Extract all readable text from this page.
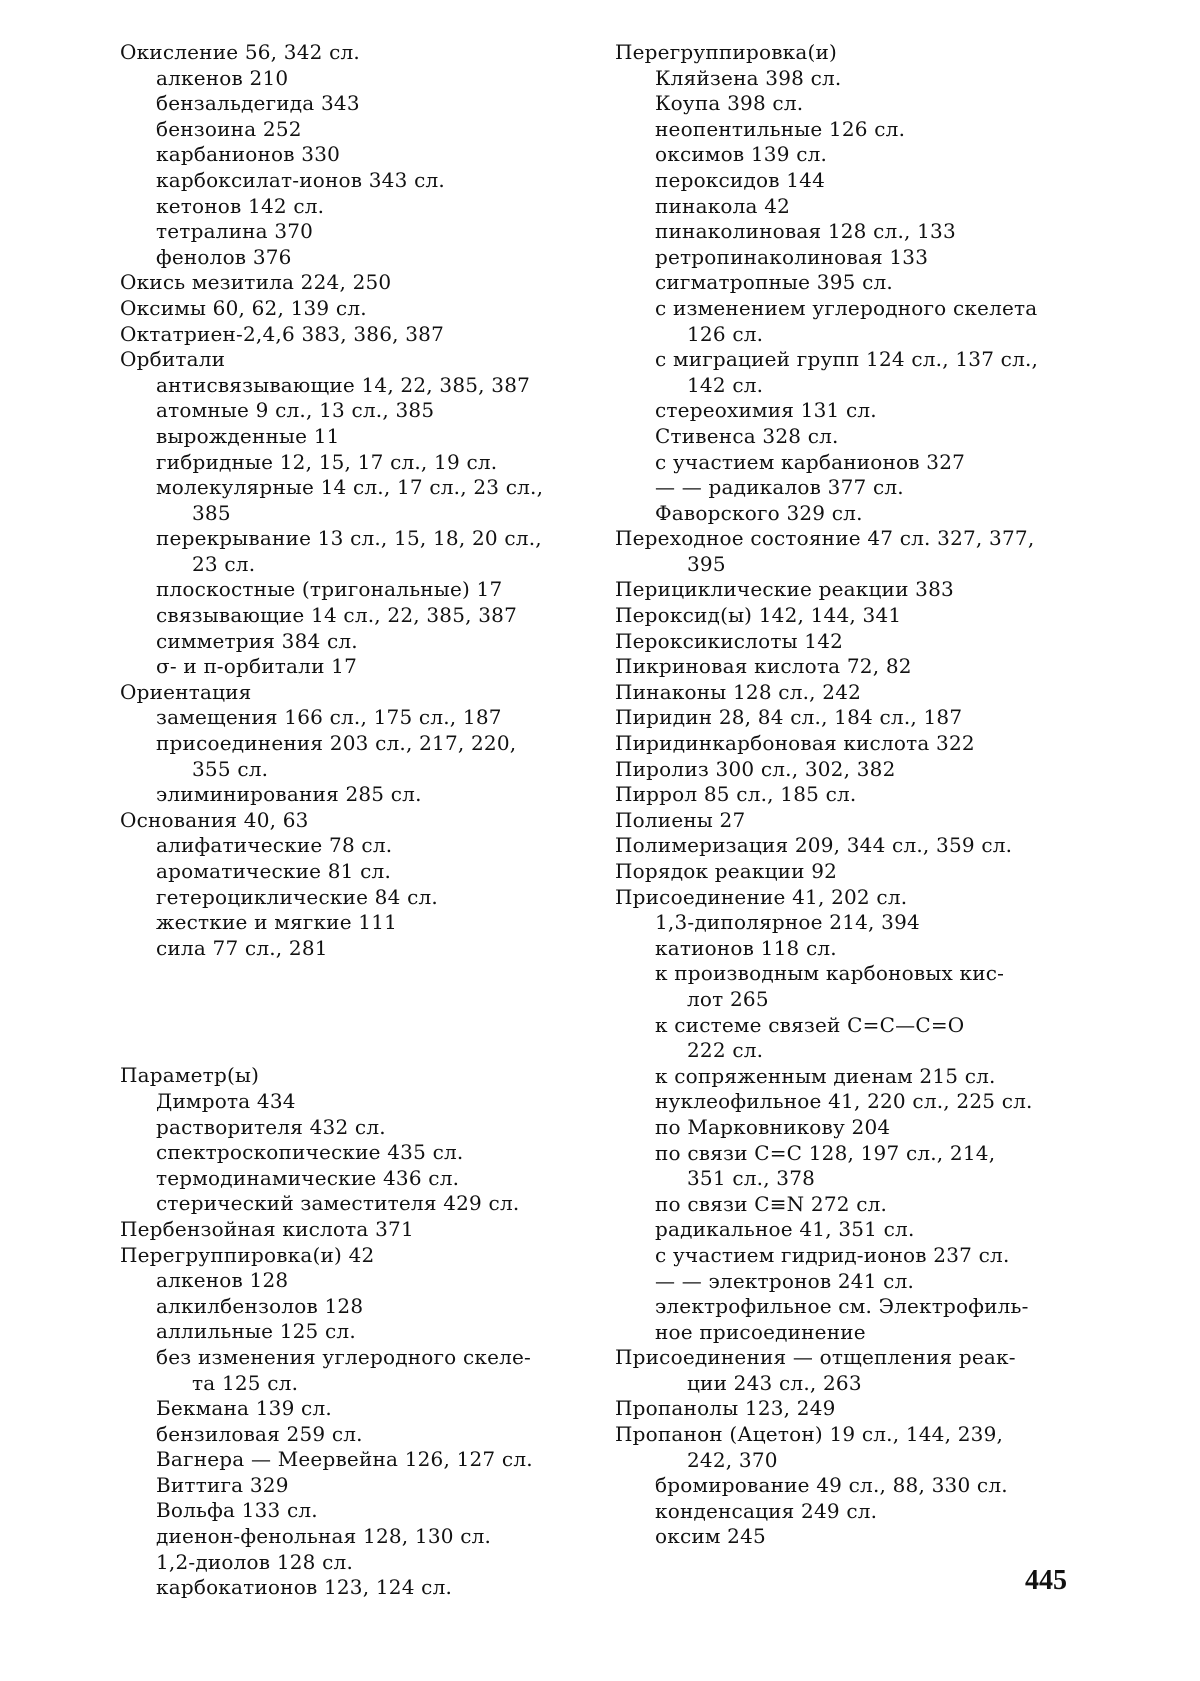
Окисление 56, 342 сл.
алкенов 210
бензальдегида 343
бензоина 252
карбанионов 330
карбоксилат-ионов 343 сл.
кетонов 142 сл.
тетралина 370
фенолов 376
Окись мезитила 224, 250
Оксимы 60, 62, 139 сл.
Октатриен-2,4,6 383, 386, 387
Орбитали
антисвязывающие 14, 22, 385, 387
атомные 9 сл., 13 сл., 385
вырожденные 11
гибридные 12, 15, 17 сл., 19 сл.
молекулярные 14 сл., 17 сл., 23 сл.,
385
перекрывание 13 сл., 15, 18, 20 сл.,
23 сл.
плоскостные (тригональные) 17
связывающие 14 сл., 22, 385, 387
симметрия 384 сл.
σ- и π-орбитали 17
Ориентация
замещения 166 сл., 175 сл., 187
присоединения 203 сл., 217, 220,
355 сл.
элиминирования 285 сл.
Основания 40, 63
алифатические 78 сл.
ароматические 81 сл.
гетероциклические 84 сл.
жесткие и мягкие 111
сила 77 сл., 281
Параметр(ы)
Димрота 434
растворителя 432 сл.
спектроскопические 435 сл.
термодинамические 436 сл.
стерический заместителя 429 сл.
Пербензойная кислота 371
Перегруппировка(и) 42
алкенов 128
алкилбензолов 128
аллильные 125 сл.
без изменения углеродного скеле-
та 125 сл.
Бекмана 139 сл.
бензиловая 259 сл.
Вагнера — Меервейна 126, 127 сл.
Виттига 329
Вольфа 133 сл.
диенон-фенольная 128, 130 сл.
1,2-диолов 128 сл.
карбокатионов 123, 124 сл.
Перегруппировка(и)
Кляйзена 398 сл.
Коупа 398 сл.
неопентильные 126 сл.
оксимов 139 сл.
пероксидов 144
пинакола 42
пинаколиновая 128 сл., 133
ретропинаколиновая 133
сигматропные 395 сл.
с изменением углеродного скелета
126 сл.
с миграцией групп 124 сл., 137 сл.,
142 сл.
стереохимия 131 сл.
Стивенса 328 сл.
с участием карбанионов 327
— — радикалов 377 сл.
Фаворского 329 сл.
Переходное состояние 47 сл. 327, 377,
395
Перициклические реакции 383
Пероксид(ы) 142, 144, 341
Пероксикислоты 142
Пикриновая кислота 72, 82
Пинаконы 128 сл., 242
Пиридин 28, 84 сл., 184 сл., 187
Пиридинкарбоновая кислота 322
Пиролиз 300 сл., 302, 382
Пиррол 85 сл., 185 сл.
Полиены 27
Полимеризация 209, 344 сл., 359 сл.
Порядок реакции 92
Присоединение 41, 202 сл.
1,3-диполярное 214, 394
катионов 118 сл.
к производным карбоновых кис-
лот 265
к системе связей C=C—C=O
222 сл.
к сопряженным диенам 215 сл.
нуклеофильное 41, 220 сл., 225 сл.
по Марковникову 204
по связи C=C 128, 197 сл., 214,
351 сл., 378
по связи C≡N 272 сл.
радикальное 41, 351 сл.
с участием гидрид-ионов 237 сл.
— — электронов 241 сл.
электрофильное см. Электрофиль-
ное присоединение
Присоединения — отщепления реак-
ции 243 сл., 263
Пропанолы 123, 249
Пропанон (Ацетон) 19 сл., 144, 239,
242, 370
бромирование 49 сл., 88, 330 сл.
конденсация 249 сл.
оксим 245
445
